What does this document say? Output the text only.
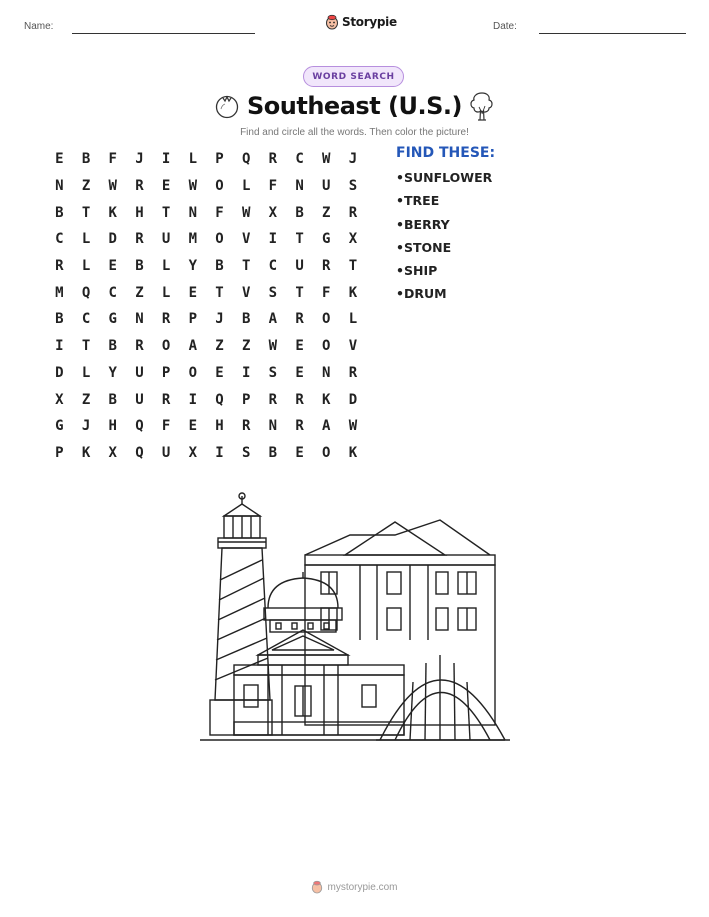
Name:	Storypie	Date:
WORD SEARCH
Southeast (U.S.)
Find and circle all the words. Then color the picture!
E	B	F	J	I	L	P	Q	R	C	W	J
N	Z	W	R	E	W	O	L	F	N	U	S
B	T	K	H	T	N	F	W	X	B	Z	R
C	L	D	R	U	M	O	V	I	T	G	X
R	L	E	B	L	Y	B	T	C	U	R	T
M	Q	C	Z	L	E	T	V	S	T	F	K
B	C	G	N	R	P	J	B	A	R	O	L
I	T	B	R	O	A	Z	Z	W	E	O	V
D	L	Y	U	P	O	E	I	S	E	N	R
X	Z	B	U	R	I	Q	P	R	R	K	D
G	J	H	Q	F	E	H	R	N	R	A	W
P	K	X	Q	U	X	I	S	B	E	O	K
FIND THESE:
• SUNFLOWER
• TREE
• BERRY
• STONE
• SHIP
• DRUM
mystorypie.com
